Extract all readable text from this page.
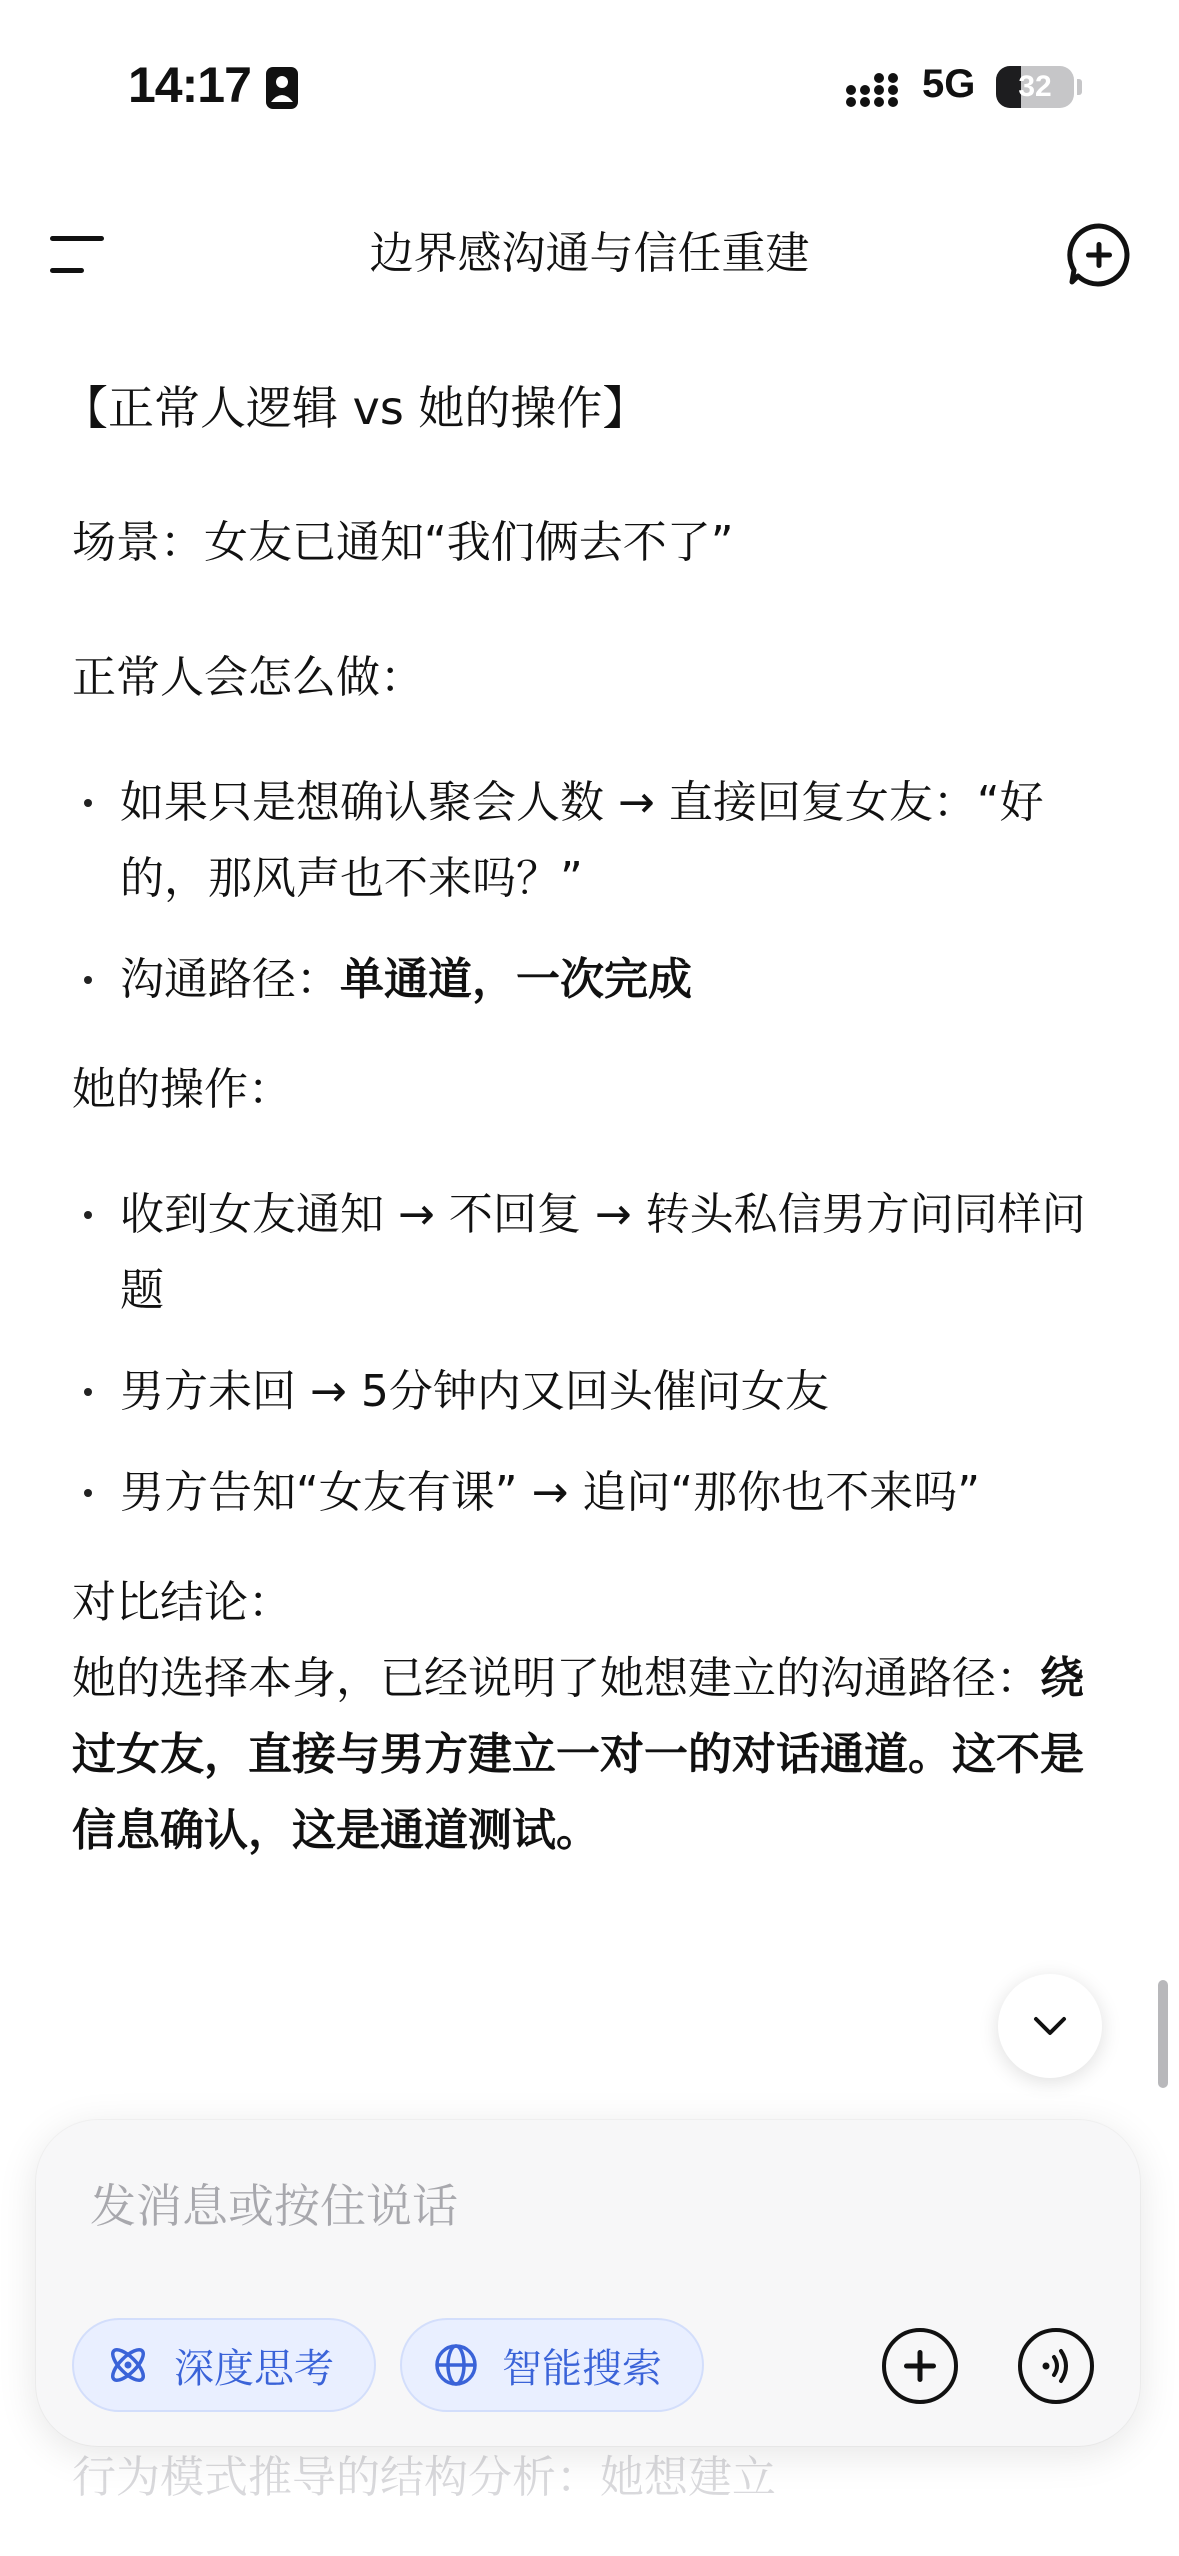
14:17	5G	32
边界感沟通与信任重建
【正常人逻辑 vs 她的操作】
场景：女友已通知“我们俩去不了”
正常人会怎么做：
如果只是想确认聚会人数 → 直接回复女友：“好的，那风声也不来吗？”
沟通路径：单通道，一次完成
她的操作：
收到女友通知 → 不回复 → 转头私信男方问同样问题
男方未回 → 5分钟内又回头催问女友
男方告知“女友有课” → 追问“那你也不来吗”
对比结论：
她的选择本身，已经说明了她想建立的沟通路径：绕过女友，直接与男方建立一对一的对话通道。这不是信息确认，这是通道测试。
行为模式推导的结构分析：她想建立
发消息或按住说话
深度思考	智能搜索
